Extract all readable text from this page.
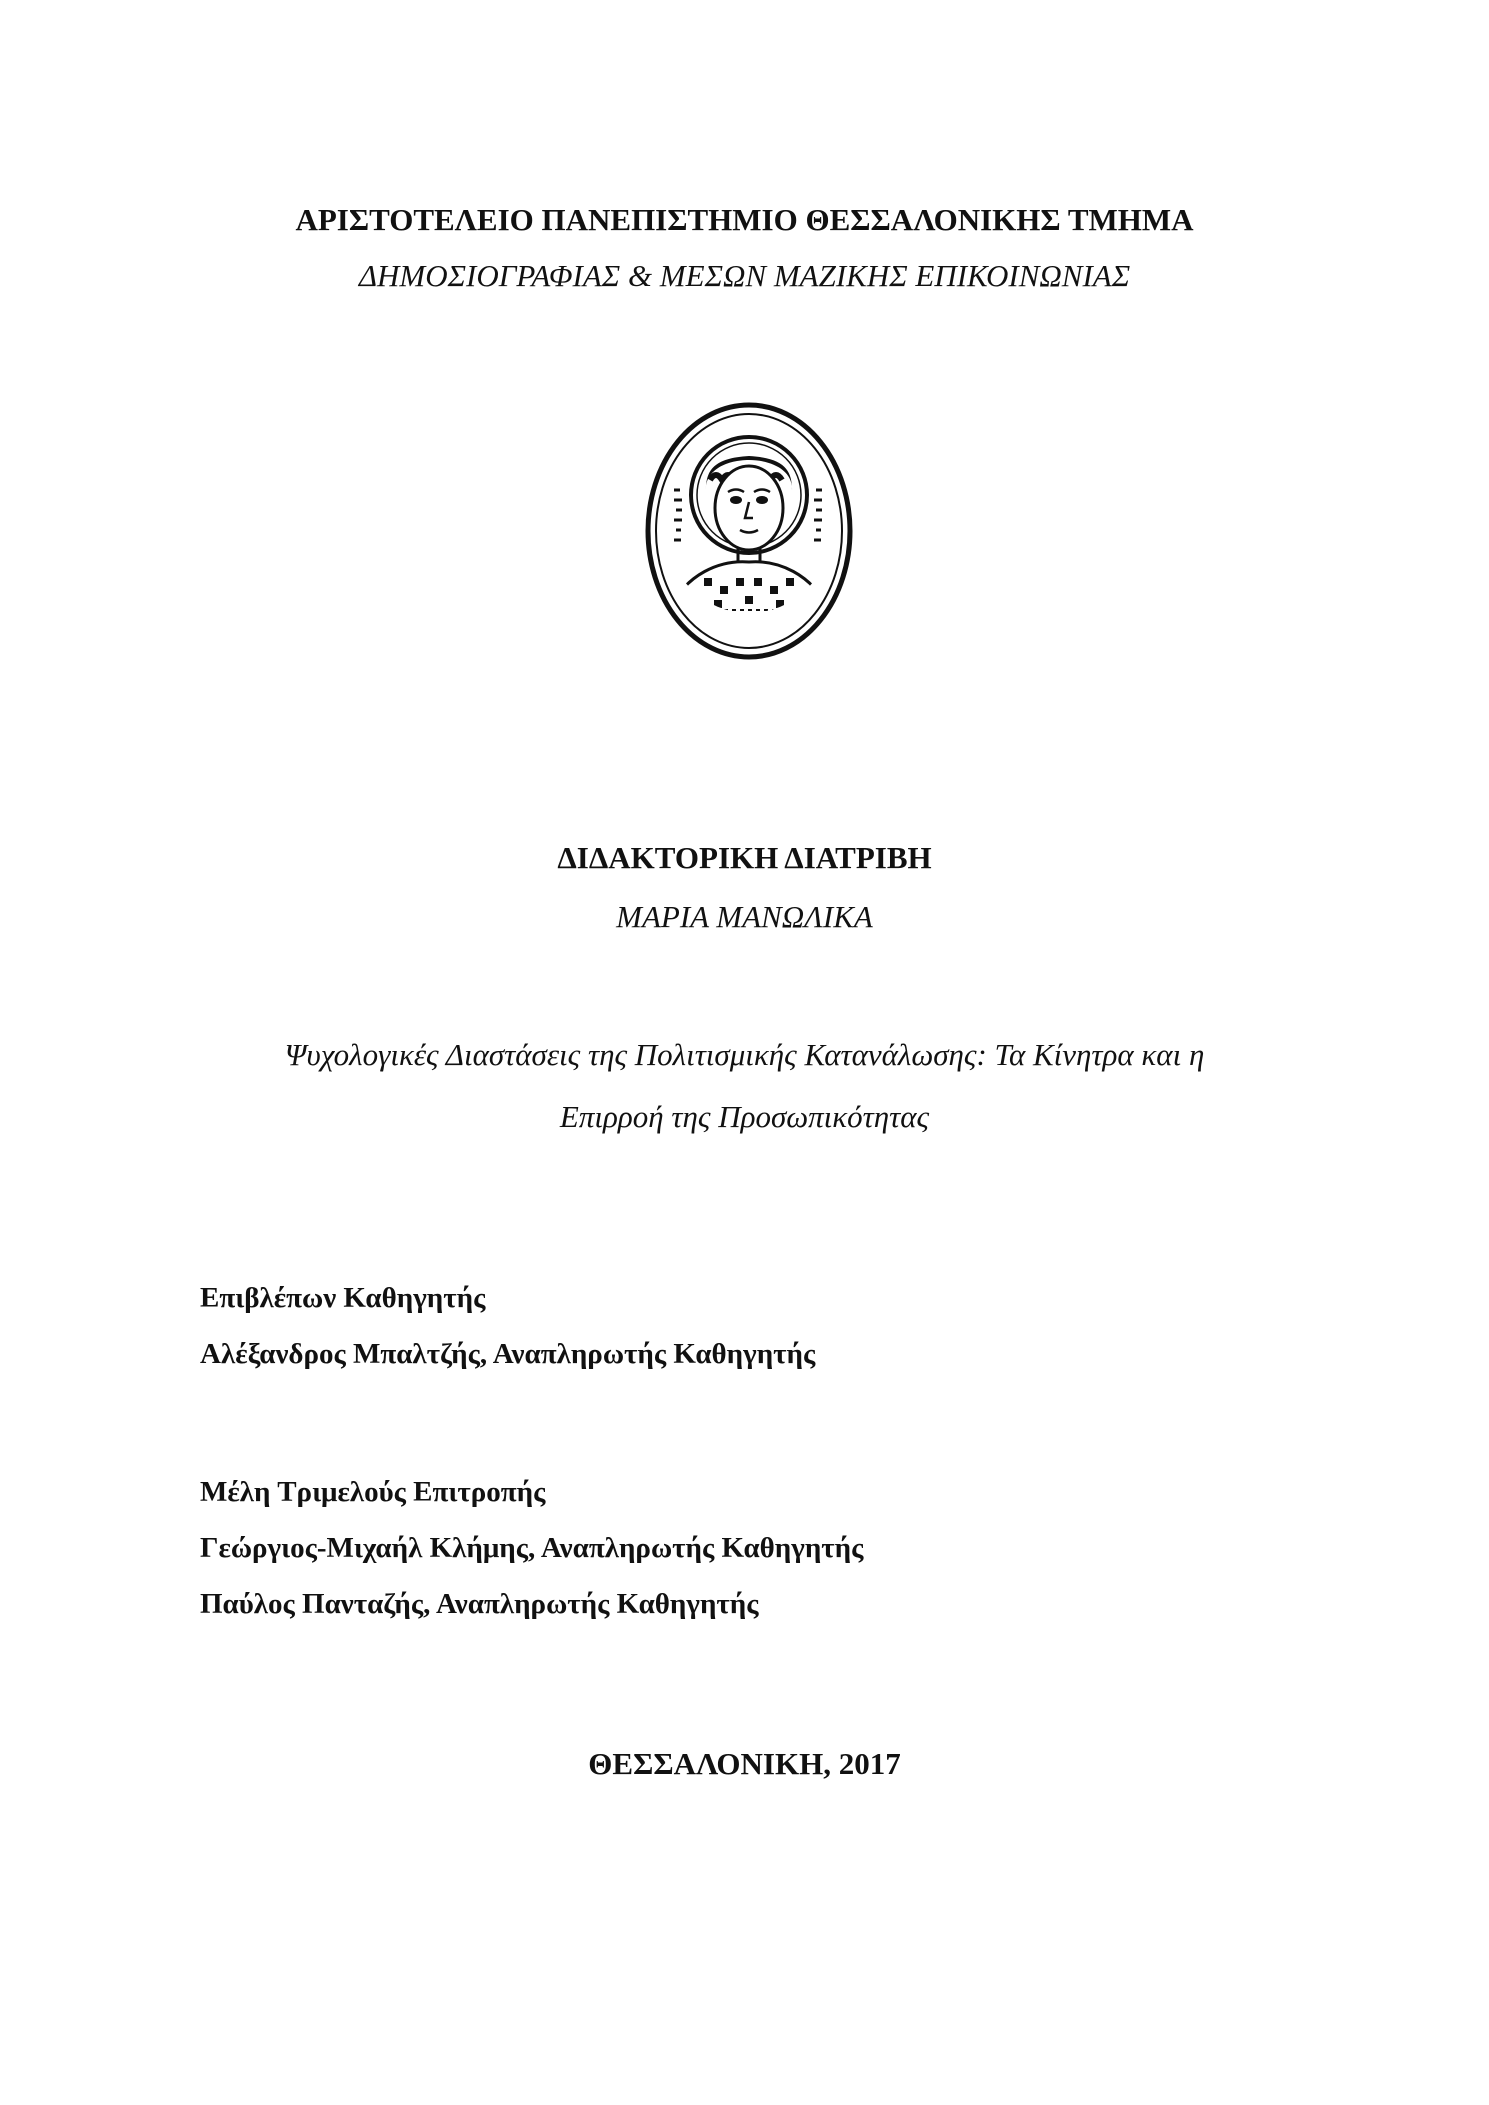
ΑΡΙΣΤΟΤΕΛΕΙΟ ΠΑΝΕΠΙΣΤΗΜΙΟ ΘΕΣΣΑΛΟΝΙΚΗΣ ΤΜΗΜΑ
ΔΗΜΟΣΙΟΓΡΑΦΙΑΣ & ΜΕΣΩΝ ΜΑΖΙΚΗΣ ΕΠΙΚΟΙΝΩΝΙΑΣ
ΔΙΔΑΚΤΟΡΙΚΗ ΔΙΑΤΡΙΒΗ
ΜΑΡΙΑ ΜΑΝΩΛΙΚΑ
Ψυχολογικές Διαστάσεις της Πολιτισμικής Κατανάλωσης: Τα Κίνητρα και η
Επιρροή της Προσωπικότητας
Επιβλέπων Καθηγητής
Αλέξανδρος Μπαλτζής, Αναπληρωτής Καθηγητής
Μέλη Τριμελούς Επιτροπής
Γεώργιος-Μιχαήλ Κλήμης, Αναπληρωτής Καθηγητής
Παύλος Πανταζής, Αναπληρωτής Καθηγητής
ΘΕΣΣΑΛΟΝΙΚΗ, 2017
